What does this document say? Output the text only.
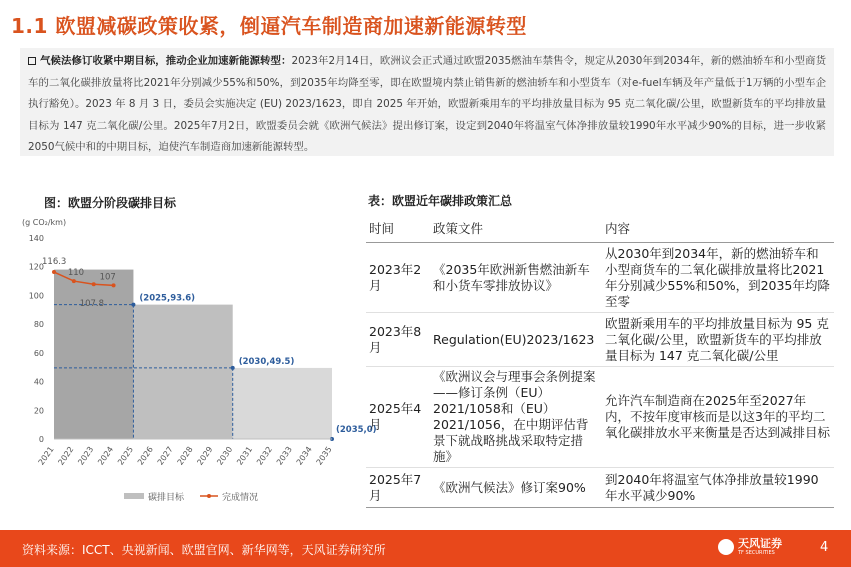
1.1 欧盟减碳政策收紧，倒逼汽车制造商加速新能源转型

气候法修订收紧中期目标，推动企业加速新能源转型：2023年2月14日，欧洲议会正式通过欧盟2035燃油车禁售令，规定从2030年到2034年，新的燃油轿车和小型商货车的二氧化碳排放量将比2021年分别减少55%和50%，到2035年均降至零，即在欧盟境内禁止销售新的燃油轿车和小型货车（对e-fuel车辆及年产量低于1万辆的小型车企执行豁免）。2023 年 8 月 3 日，委员会实施决定 (EU) 2023/1623，即自 2025 年开始，欧盟新乘用车的平均排放量目标为 95 克二氧化碳/公里，欧盟新货车的平均排放量目标为 147 克二氧化碳/公里。2025年7月2日，欧盟委员会就《欧洲气候法》提出修订案，设定到2040年将温室气体净排放量较1990年水平减少90%的目标，进一步收紧2050气候中和的中期目标，迫使汽车制造商加速新能源转型。

图：欧盟分阶段碳排目标
(g CO₂/km)
0
20
40
60
80
100
120
140
2021 2022 2023 2024 2025 2026 2027 2028 2029 2030 2031 2032 2033 2034 2035
116.3
110
107.8
107
(2025,93.6)
(2030,49.5)
(2035,0)
碳排目标	完成情况
表：欧盟近年碳排政策汇总
时间	政策文件	内容
2023年2月	《2035年欧洲新售燃油新车和小货车零排放协议》	从2030年到2034年，新的燃油轿车和小型商货车的二氧化碳排放量将比2021年分别减少55%和50%，到2035年均降至零
2023年8月	Regulation(EU)2023/1623	欧盟新乘用车的平均排放量目标为 95 克二氧化碳/公里，欧盟新货车的平均排放量目标为 147 克二氧化碳/公里
2025年4月	《欧洲议会与理事会条例提案——修订条例（EU）2021/1058和（EU）2021/1056，在中期评估背景下就战略挑战采取特定措施》	允许汽车制造商在2025年至2027年内，不按年度审核而是以这3年的平均二氧化碳排放水平来衡量是否达到减排目标
2025年7月	《欧洲气候法》修订案90%	到2040年将温室气体净排放量较1990年水平减少90%
资料来源：ICCT、央视新闻、欧盟官网、新华网等，天风证券研究所	天风证券
TF SECURITIES	4
